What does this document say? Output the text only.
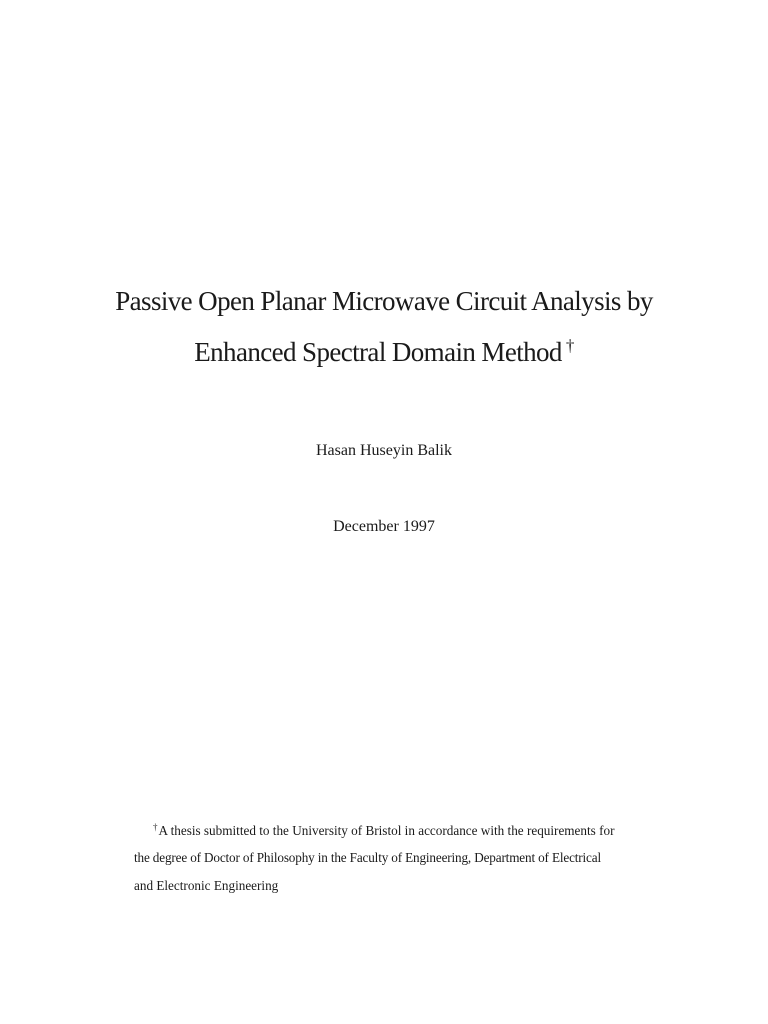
Passive Open Planar Microwave Circuit Analysis by
Enhanced Spectral Domain Method †
Hasan Huseyin Balik
December 1997
†A thesis submitted to the University of Bristol in accordance with the requirements for
the degree of Doctor of Philosophy in the Faculty of Engineering, Department of Electrical
and Electronic Engineering
